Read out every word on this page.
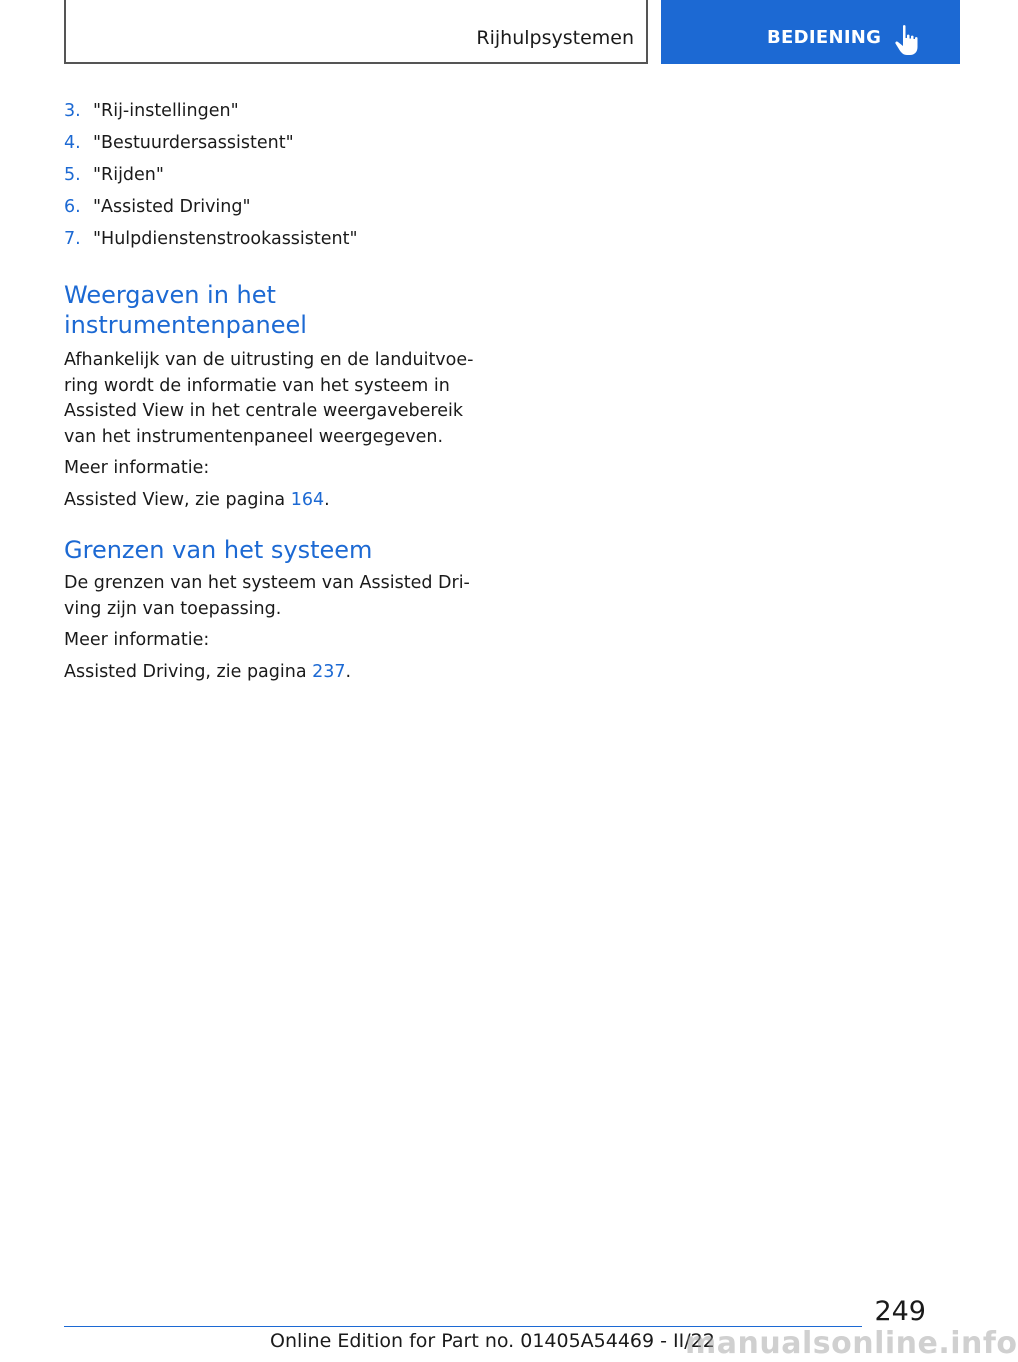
Rijhulpsystemen	BEDIENING
3. "Rij-instellingen"
4. "Bestuurdersassistent"
5. "Rijden"
6. "Assisted Driving"
7. "Hulpdienstenstrookassistent"
Weergaven in het
instrumentenpaneel

Afhankelijk van de uitrusting en de landuitvoe‐
ring wordt de informatie van het systeem in
Assisted View in het centrale weergavebereik
van het instrumentenpaneel weergegeven.

Meer informatie:

Assisted View, zie pagina 164.

Grenzen van het systeem

De grenzen van het systeem van Assisted Dri‐
ving zijn van toepassing.

Meer informatie:

Assisted Driving, zie pagina 237.

249
Online Edition for Part no. 01405A54469 - II/22
manualsonline.info
